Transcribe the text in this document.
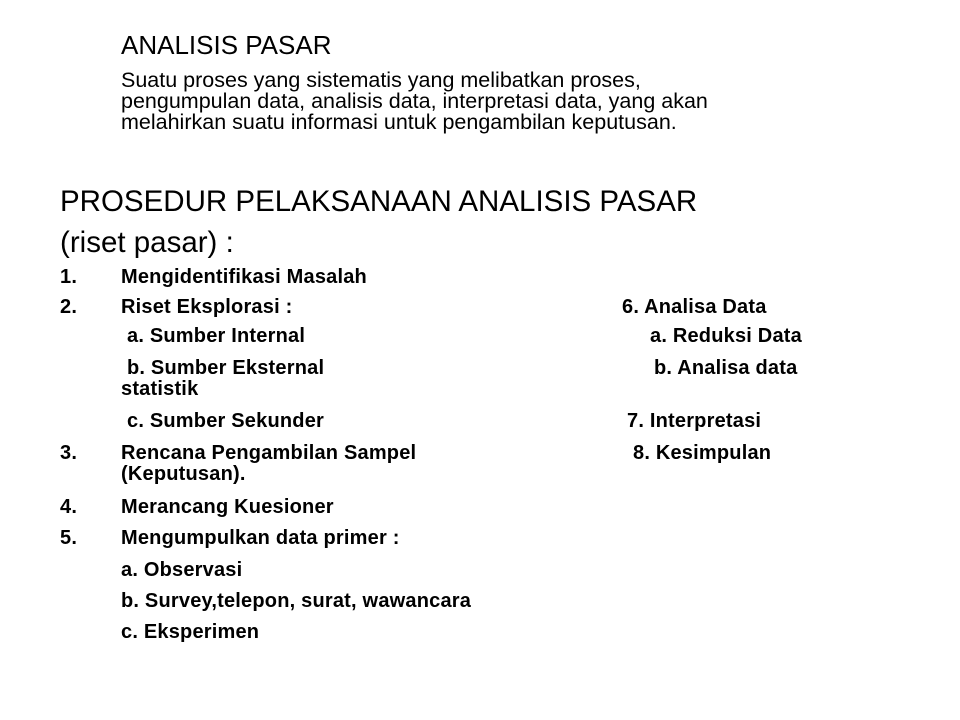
ANALISIS PASAR
Suatu proses yang sistematis yang melibatkan proses,
pengumpulan data, analisis data, interpretasi data, yang akan
melahirkan suatu informasi untuk pengambilan keputusan.
PROSEDUR PELAKSANAAN ANALISIS PASAR
(riset pasar) :
1. Mengidentifikasi Masalah
2. Riset Eksplorasi :
a. Sumber Internal
b. Sumber Eksternal
c. Sumber Sekunder
3. Rencana Pengambilan Sampel
(Keputusan).
4. Merancang Kuesioner
5. Mengumpulkan data primer :
a. Observasi
b. Survey,telepon, surat, wawancara
c. Eksperimen
6. Analisa Data
a. Reduksi Data
b. Analisa data
statistik
7. Interpretasi
8. Kesimpulan
